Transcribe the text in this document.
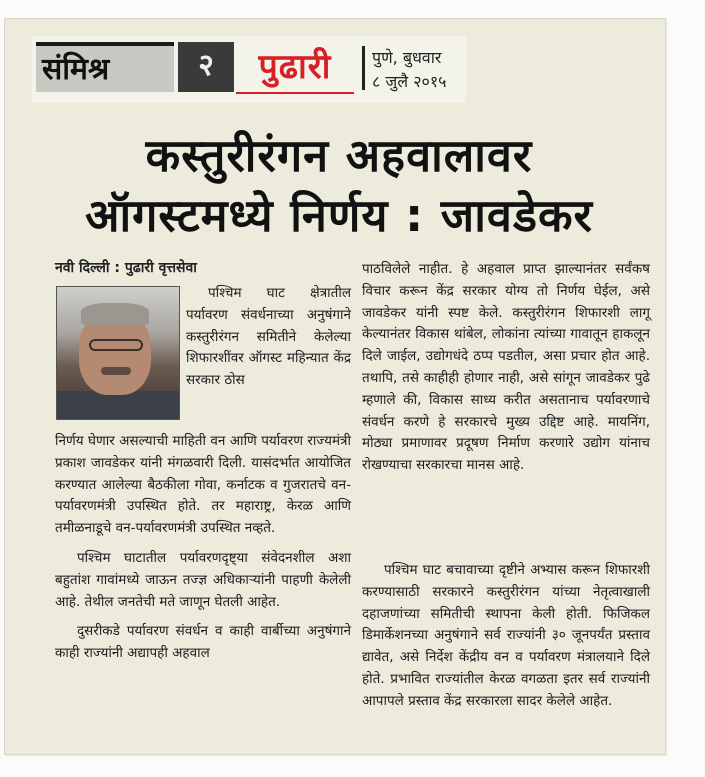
संमिश्र	२	पुढारी	पुणे, बुधवार
८ जुलै २०१५
कस्तुरीरंगन अहवालावर
ऑगस्टमध्ये निर्णय : जावडेकर
नवी दिल्ली : पुढारी वृत्तसेवा

पश्चिम घाट क्षेत्रातील पर्यावरण संवर्धनाच्या अनुषंगाने कस्तुरीरंगन समितीने केलेल्या शिफारशींवर ऑगस्ट महिन्यात केंद्र सरकार ठोस

निर्णय घेणार असल्याची माहिती वन आणि पर्यावरण राज्यमंत्री प्रकाश जावडेकर यांनी मंगळवारी दिली. यासंदर्भात आयोजित करण्यात आलेल्या बैठकीला गोवा, कर्नाटक व गुजरातचे वन-पर्यावरणमंत्री उपस्थित होते. तर महाराष्ट्र, केरळ आणि तमीळनाडूचे वन-पर्यावरणमंत्री उपस्थित नव्हते.

पश्चिम घाटातील पर्यावरणदृष्ट्या संवेदनशील अशा बहुतांश गावांमध्ये जाऊन तज्ज्ञ अधिकाऱ्यांनी पाहणी केलेली आहे. तेथील जनतेची मते जाणून घेतली आहेत.

दुसरीकडे पर्यावरण संवर्धन व काही वार्बीच्या अनुषंगाने काही राज्यांनी अद्यापही अहवाल

पाठविलेले नाहीत. हे अहवाल प्राप्त झाल्यानंतर सर्वंकष विचार करून केंद्र सरकार योग्य तो निर्णय घेईल, असे जावडेकर यांनी स्पष्ट केले. कस्तुरीरंगन शिफारशी लागू केल्यानंतर विकास थांबेल, लोकांना त्यांच्या गावातून हाकलून दिले जाईल, उद्योगधंदे ठप्प पडतील, असा प्रचार होत आहे. तथापि, तसे काहीही होणार नाही, असे सांगून जावडेकर पुढे म्हणाले की, विकास साध्य करीत असतानाच पर्यावरणाचे संवर्धन करणे हे सरकारचे मुख्य उद्दिष्ट आहे. मायनिंग, मोठ्या प्रमाणावर प्रदूषण निर्माण करणारे उद्योग यांनाच रोखण्याचा सरकारचा मानस आहे.

पश्चिम घाट बचावाच्या दृष्टीने अभ्यास करून शिफारशी करण्यासाठी सरकारने कस्तुरीरंगन यांच्या नेतृत्वाखाली दहाजणांच्या समितीची स्थापना केली होती. फिजिकल डिमार्केशनच्या अनुषंगाने सर्व राज्यांनी ३० जूनपर्यंत प्रस्ताव द्यावेत, असे निर्देश केंद्रीय वन व पर्यावरण मंत्रालयाने दिले होते. प्रभावित राज्यांतील केरळ वगळता इतर सर्व राज्यांनी आपापले प्रस्ताव केंद्र सरकारला सादर केलेले आहेत.
